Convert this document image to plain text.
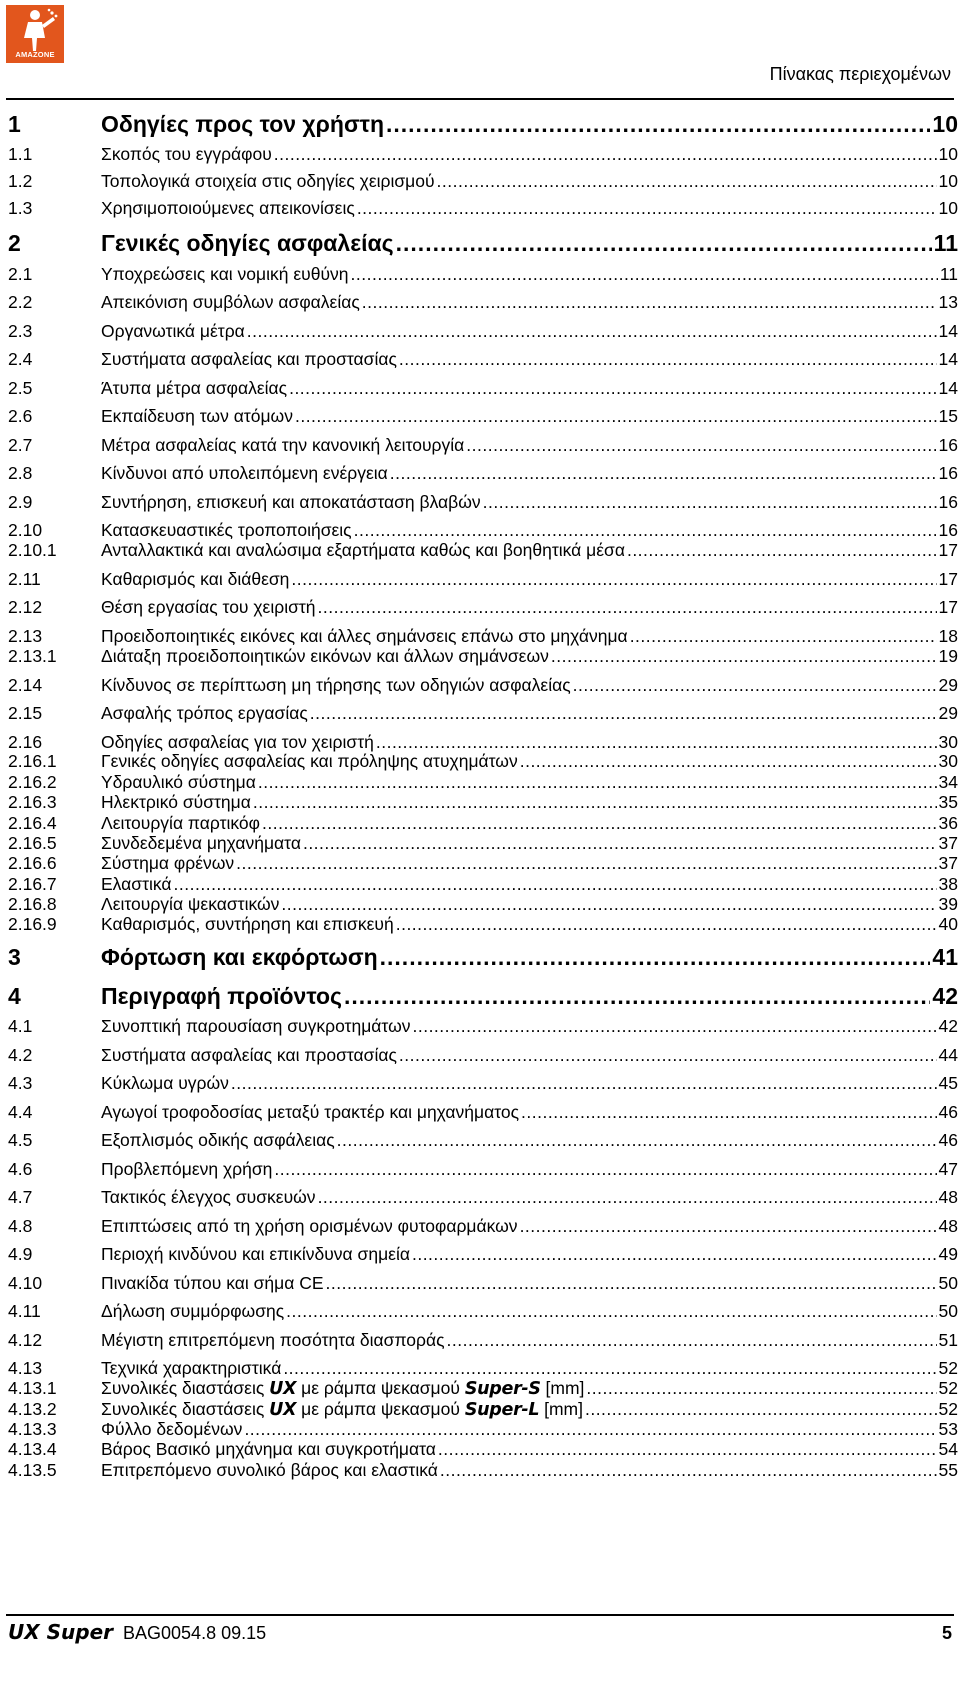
AMAZONE
Πίνακας περιεχομένων
1	Οδηγίες προς τον χρήστη .....	10
1.1	Σκοπός του εγγράφου .....	10
1.2	Τοπολογικά στοιχεία στις οδηγίες χειρισμού .....	10
1.3	Χρησιμοποιούμενες απεικονίσεις .....	10
2	Γενικές οδηγίες ασφαλείας .....	11
2.1	Υποχρεώσεις και νομική ευθύνη .....	11
2.2	Απεικόνιση συμβόλων ασφαλείας .....	13
2.3	Οργανωτικά μέτρα .....	14
2.4	Συστήματα ασφαλείας και προστασίας .....	14
2.5	Άτυπα μέτρα ασφαλείας .....	14
2.6	Εκπαίδευση των ατόμων .....	15
2.7	Μέτρα ασφαλείας κατά την κανονική λειτουργία .....	16
2.8	Κίνδυνοι από υπολειπόμενη ενέργεια .....	16
2.9	Συντήρηση, επισκευή και αποκατάσταση βλαβών .....	16
2.10	Κατασκευαστικές τροποποιήσεις .....	16
2.10.1	Ανταλλακτικά και αναλώσιμα εξαρτήματα καθώς και βοηθητικά μέσα .....	17
2.11	Καθαρισμός και διάθεση .....	17
2.12	Θέση εργασίας του χειριστή .....	17
2.13	Προειδοποιητικές εικόνες και άλλες σημάνσεις επάνω στο μηχάνημα .....	18
2.13.1	Διάταξη προειδοποιητικών εικόνων και άλλων σημάνσεων .....	19
2.14	Κίνδυνος σε περίπτωση μη τήρησης των οδηγιών ασφαλείας .....	29
2.15	Ασφαλής τρόπος εργασίας .....	29
2.16	Οδηγίες ασφαλείας για τον χειριστή .....	30
2.16.1	Γενικές οδηγίες ασφαλείας και πρόληψης ατυχημάτων .....	30
2.16.2	Υδραυλικό σύστημα .....	34
2.16.3	Ηλεκτρικό σύστημα .....	35
2.16.4	Λειτουργία παρτικόφ .....	36
2.16.5	Συνδεδεμένα μηχανήματα .....	37
2.16.6	Σύστημα φρένων .....	37
2.16.7	Ελαστικά .....	38
2.16.8	Λειτουργία ψεκαστικών .....	39
2.16.9	Καθαρισμός, συντήρηση και επισκευή .....	40
3	Φόρτωση και εκφόρτωση .....	41
4	Περιγραφή προϊόντος .....	42
4.1	Συνοπτική παρουσίαση συγκροτημάτων .....	42
4.2	Συστήματα ασφαλείας και προστασίας .....	44
4.3	Κύκλωμα υγρών .....	45
4.4	Αγωγοί τροφοδοσίας μεταξύ τρακτέρ και μηχανήματος .....	46
4.5	Εξοπλισμός οδικής ασφάλειας .....	46
4.6	Προβλεπόμενη χρήση .....	47
4.7	Τακτικός έλεγχος συσκευών .....	48
4.8	Επιπτώσεις από τη χρήση ορισμένων φυτοφαρμάκων .....	48
4.9	Περιοχή κινδύνου και επικίνδυνα σημεία .....	49
4.10	Πινακίδα τύπου και σήμα CE .....	50
4.11	Δήλωση συμμόρφωσης .....	50
4.12	Μέγιστη επιτρεπόμενη ποσότητα διασποράς .....	51
4.13	Τεχνικά χαρακτηριστικά .....	52
4.13.1	Συνολικές διαστάσεις UX με ράμπα ψεκασμού Super-S [mm] .....	52
4.13.2	Συνολικές διαστάσεις UX με ράμπα ψεκασμού Super-L [mm] .....	52
4.13.3	Φύλλο δεδομένων .....	53
4.13.4	Βάρος Βασικό μηχάνημα και συγκροτήματα .....	54
4.13.5	Επιτρεπόμενο συνολικό βάρος και ελαστικά .....	55
UX Super BAG0054.8 09.15	5
